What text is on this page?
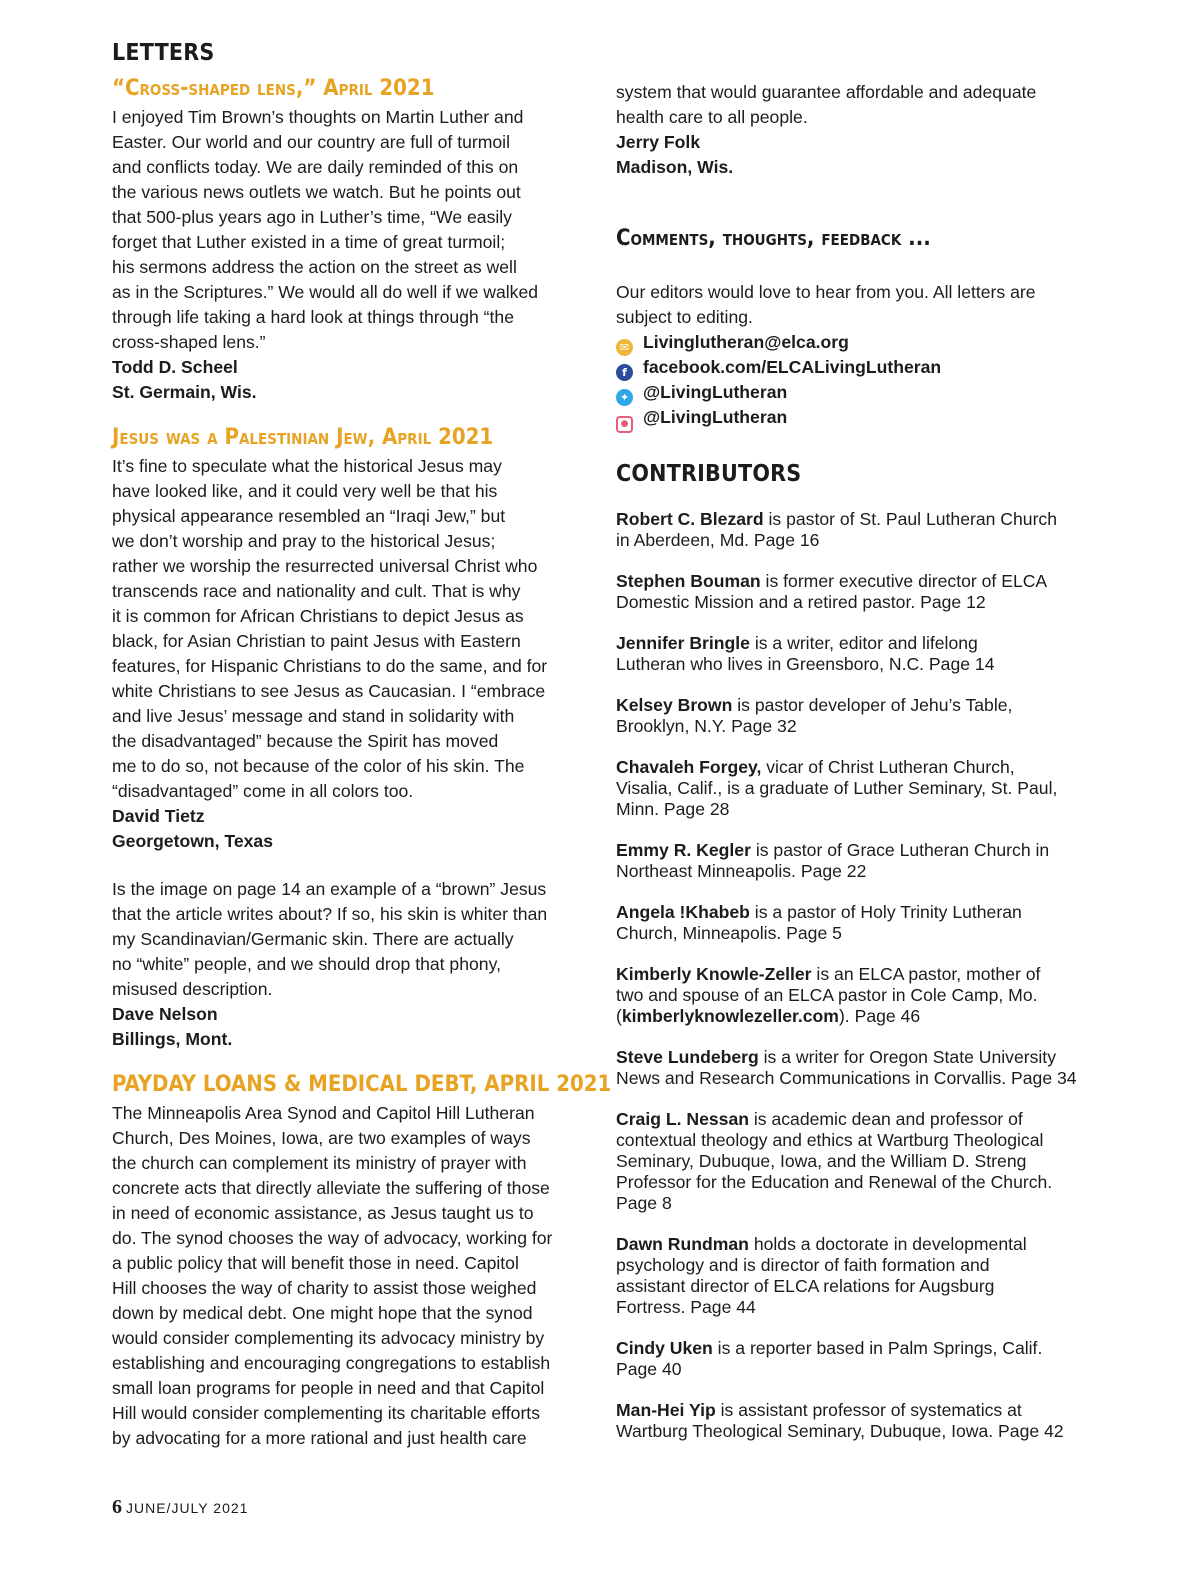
LETTERS
“Cross-shaped lens,” April 2021
I enjoyed Tim Brown’s thoughts on Martin Luther and
Easter. Our world and our country are full of turmoil
and conflicts today. We are daily reminded of this on
the various news outlets we watch. But he points out
that 500-plus years ago in Luther’s time, “We easily
forget that Luther existed in a time of great turmoil;
his sermons address the action on the street as well
as in the Scriptures.” We would all do well if we walked
through life taking a hard look at things through “the
cross-shaped lens.”
Todd D. Scheel
St. Germain, Wis.
Jesus was a Palestinian Jew, April 2021
It’s fine to speculate what the historical Jesus may
have looked like, and it could very well be that his
physical appearance resembled an “Iraqi Jew,” but
we don’t worship and pray to the historical Jesus;
rather we worship the resurrected universal Christ who
transcends race and nationality and cult. That is why
it is common for African Christians to depict Jesus as
black, for Asian Christian to paint Jesus with Eastern
features, for Hispanic Christians to do the same, and for
white Christians to see Jesus as Caucasian. I “embrace
and live Jesus’ message and stand in solidarity with
the disadvantaged” because the Spirit has moved
me to do so, not because of the color of his skin. The
“disadvantaged” come in all colors too.
David Tietz
Georgetown, Texas
Is the image on page 14 an example of a “brown” Jesus
that the article writes about? If so, his skin is whiter than
my Scandinavian/Germanic skin. There are actually
no “white” people, and we should drop that phony,
misused description.
Dave Nelson
Billings, Mont.
PAYDAY LOANS & MEDICAL DEBT, APRIL 2021
The Minneapolis Area Synod and Capitol Hill Lutheran
Church, Des Moines, Iowa, are two examples of ways
the church can complement its ministry of prayer with
concrete acts that directly alleviate the suffering of those
in need of economic assistance, as Jesus taught us to
do. The synod chooses the way of advocacy, working for
a public policy that will benefit those in need. Capitol
Hill chooses the way of charity to assist those weighed
down by medical debt. One might hope that the synod
would consider complementing its advocacy ministry by
establishing and encouraging congregations to establish
small loan programs for people in need and that Capitol
Hill would consider complementing its charitable efforts
by advocating for a more rational and just health care
system that would guarantee affordable and adequate
health care to all people.
Jerry Folk
Madison, Wis.
Comments, thoughts, feedback ...
Our editors would love to hear from you. All letters are
subject to editing.
✉ Livinglutheran@elca.org
f facebook.com/ELCALivingLutheran
✦ @LivingLutheran
● @LivingLutheran
CONTRIBUTORS
Robert C. Blezard is pastor of St. Paul Lutheran Church
in Aberdeen, Md. Page 16
Stephen Bouman is former executive director of ELCA
Domestic Mission and a retired pastor. Page 12
Jennifer Bringle is a writer, editor and lifelong
Lutheran who lives in Greensboro, N.C. Page 14
Kelsey Brown is pastor developer of Jehu’s Table,
Brooklyn, N.Y. Page 32
Chavaleh Forgey, vicar of Christ Lutheran Church,
Visalia, Calif., is a graduate of Luther Seminary, St. Paul,
Minn. Page 28
Emmy R. Kegler is pastor of Grace Lutheran Church in
Northeast Minneapolis. Page 22
Angela !Khabeb is a pastor of Holy Trinity Lutheran
Church, Minneapolis. Page 5
Kimberly Knowle-Zeller is an ELCA pastor, mother of
two and spouse of an ELCA pastor in Cole Camp, Mo.
(kimberlyknowlezeller.com). Page 46
Steve Lundeberg is a writer for Oregon State University
News and Research Communications in Corvallis. Page 34
Craig L. Nessan is academic dean and professor of
contextual theology and ethics at Wartburg Theological
Seminary, Dubuque, Iowa, and the William D. Streng
Professor for the Education and Renewal of the Church.
Page 8
Dawn Rundman holds a doctorate in developmental
psychology and is director of faith formation and
assistant director of ELCA relations for Augsburg
Fortress. Page 44
Cindy Uken is a reporter based in Palm Springs, Calif.
Page 40
Man-Hei Yip is assistant professor of systematics at
Wartburg Theological Seminary, Dubuque, Iowa. Page 42
6 JUNE/JULY 2021
